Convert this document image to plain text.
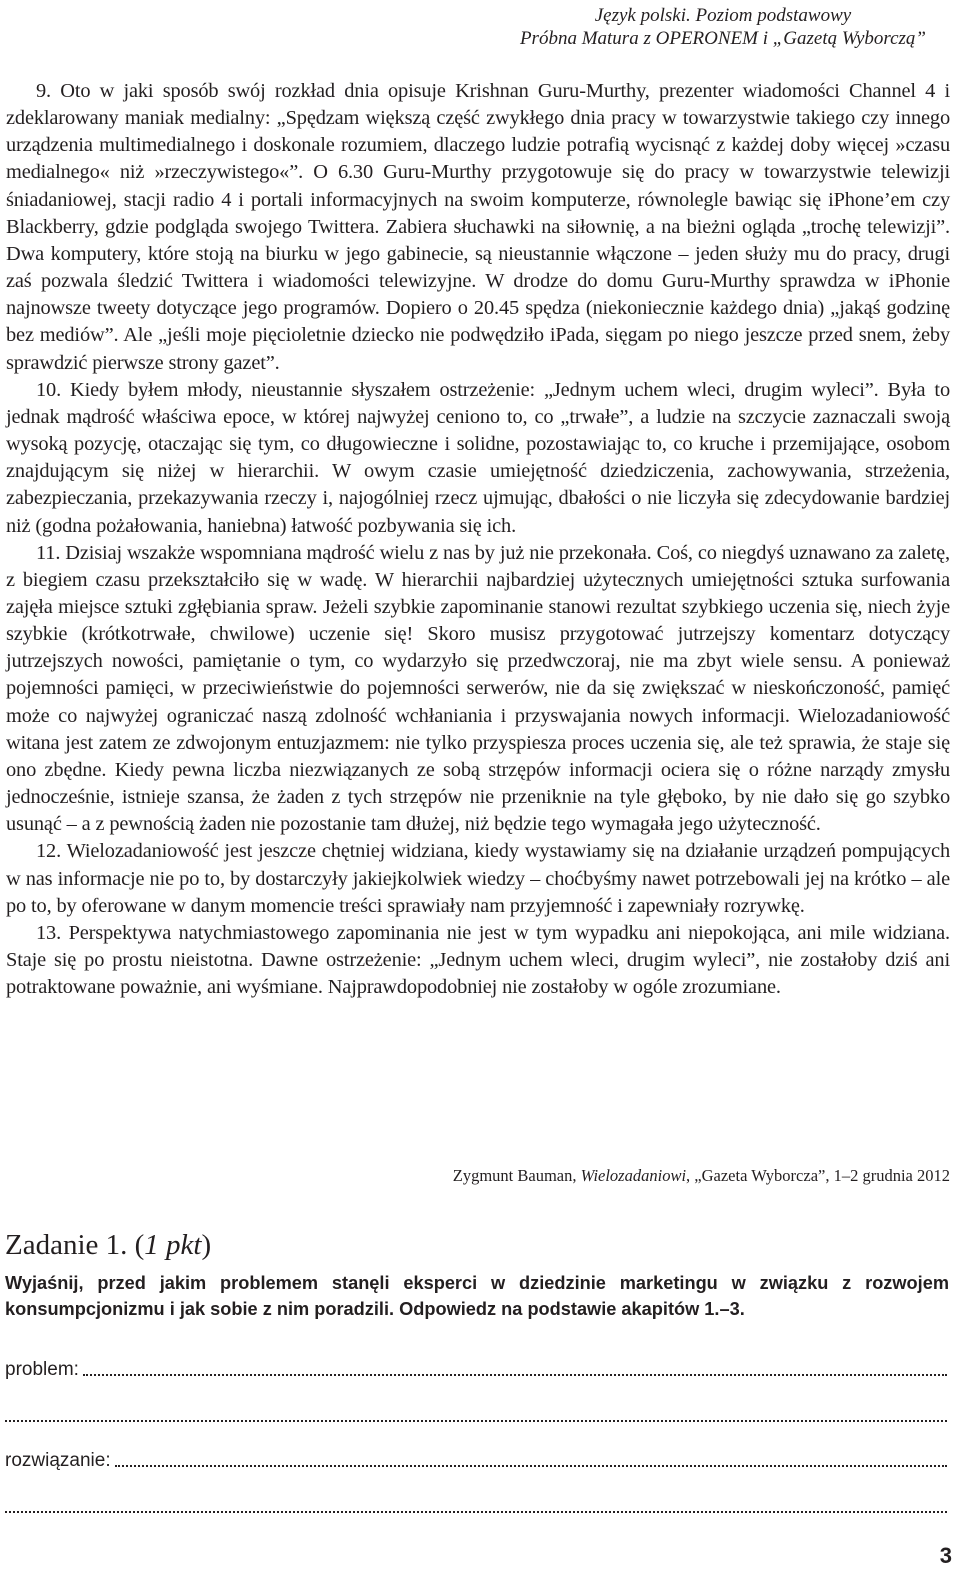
Język polski. Poziom podstawowy
Próbna Matura z OPERONEM i „Gazetą Wyborczą”

9. Oto w jaki sposób swój rozkład dnia opisuje Krishnan Guru-Murthy, prezenter wiadomości Channel 4 i zdeklarowany maniak medialny: „Spędzam większą część zwykłego dnia pracy w towarzystwie takiego czy innego urządzenia multimedialnego i doskonale rozumiem, dlaczego ludzie potrafią wycisnąć z każdej doby więcej »czasu medialnego« niż »rzeczywistego«”. O 6.30 Guru-Murthy przygotowuje się do pracy w towarzystwie telewizji śniadaniowej, stacji radio 4 i portali informacyjnych na swoim komputerze, równolegle bawiąc się iPhone’em czy Blackberry, gdzie podgląda swojego Twittera. Zabiera słuchawki na siłownię, a na bieżni ogląda „trochę telewizji”. Dwa komputery, które stoją na biurku w jego gabinecie, są nieustannie włączone – jeden służy mu do pracy, drugi zaś pozwala śledzić Twittera i wiadomości telewizyjne. W drodze do domu Guru-Murthy sprawdza w iPhonie najnowsze tweety dotyczące jego programów. Dopiero o 20.45 spędza (niekoniecznie każdego dnia) „jakąś godzinę bez mediów”. Ale „jeśli moje pięcioletnie dziecko nie podwędziło iPada, sięgam po niego jeszcze przed snem, żeby sprawdzić pierwsze strony gazet”.

10. Kiedy byłem młody, nieustannie słyszałem ostrzeżenie: „Jednym uchem wleci, drugim wyleci”. Była to jednak mądrość właściwa epoce, w której najwyżej ceniono to, co „trwałe”, a ludzie na szczycie zaznaczali swoją wysoką pozycję, otaczając się tym, co długowieczne i solidne, pozostawiając to, co kruche i przemijające, osobom znajdującym się niżej w hierarchii. W owym czasie umiejętność dziedziczenia, zachowywania, strzeżenia, zabezpieczania, przekazywania rzeczy i, najogólniej rzecz ujmując, dbałości o nie liczyła się zdecydowanie bardziej niż (godna pożałowania, haniebna) łatwość pozbywania się ich.

11. Dzisiaj wszakże wspomniana mądrość wielu z nas by już nie przekonała. Coś, co niegdyś uznawano za zaletę, z biegiem czasu przekształciło się w wadę. W hierarchii najbardziej użytecznych umiejętności sztuka surfowania zajęła miejsce sztuki zgłębiania spraw. Jeżeli szybkie zapominanie stanowi rezultat szybkiego uczenia się, niech żyje szybkie (krótkotrwałe, chwilowe) uczenie się! Skoro musisz przygotować jutrzejszy komentarz dotyczący jutrzejszych nowości, pamiętanie o tym, co wydarzyło się przedwczoraj, nie ma zbyt wiele sensu. A ponieważ pojemności pamięci, w przeciwieństwie do pojemności serwerów, nie da się zwiększać w nieskończoność, pamięć może co najwyżej ograniczać naszą zdolność wchłaniania i przyswajania nowych informacji. Wielozadaniowość witana jest zatem ze zdwojonym entuzjazmem: nie tylko przyspiesza proces uczenia się, ale też sprawia, że staje się ono zbędne. Kiedy pewna liczba niezwiązanych ze sobą strzępów informacji ociera się o różne narządy zmysłu jednocześnie, istnieje szansa, że żaden z tych strzępów nie przeniknie na tyle głęboko, by nie dało się go szybko usunąć – a z pewnością żaden nie pozostanie tam dłużej, niż będzie tego wymagała jego użyteczność.

12. Wielozadaniowość jest jeszcze chętniej widziana, kiedy wystawiamy się na działanie urządzeń pompujących w nas informacje nie po to, by dostarczyły jakiejkolwiek wiedzy – choćbyśmy nawet potrzebowali jej na krótko – ale po to, by oferowane w danym momencie treści sprawiały nam przyjemność i zapewniały rozrywkę.

13. Perspektywa natychmiastowego zapominania nie jest w tym wypadku ani niepokojąca, ani mile widziana. Staje się po prostu nieistotna. Dawne ostrzeżenie: „Jednym uchem wleci, drugim wyleci”, nie zostałoby dziś ani potraktowane poważnie, ani wyśmiane. Najprawdopodobniej nie zostałoby w ogóle zrozumiane.

Zygmunt Bauman, Wielozadaniowi, „Gazeta Wyborcza”, 1–2 grudnia 2012
Zadanie 1. (1 pkt)

Wyjaśnij, przed jakim problemem stanęli eksperci w dziedzinie marketingu w związku z rozwojem konsumpcjonizmu i jak sobie z nim poradzili. Odpowiedz na podstawie akapitów 1.–3.

problem:
rozwiązanie:
3
